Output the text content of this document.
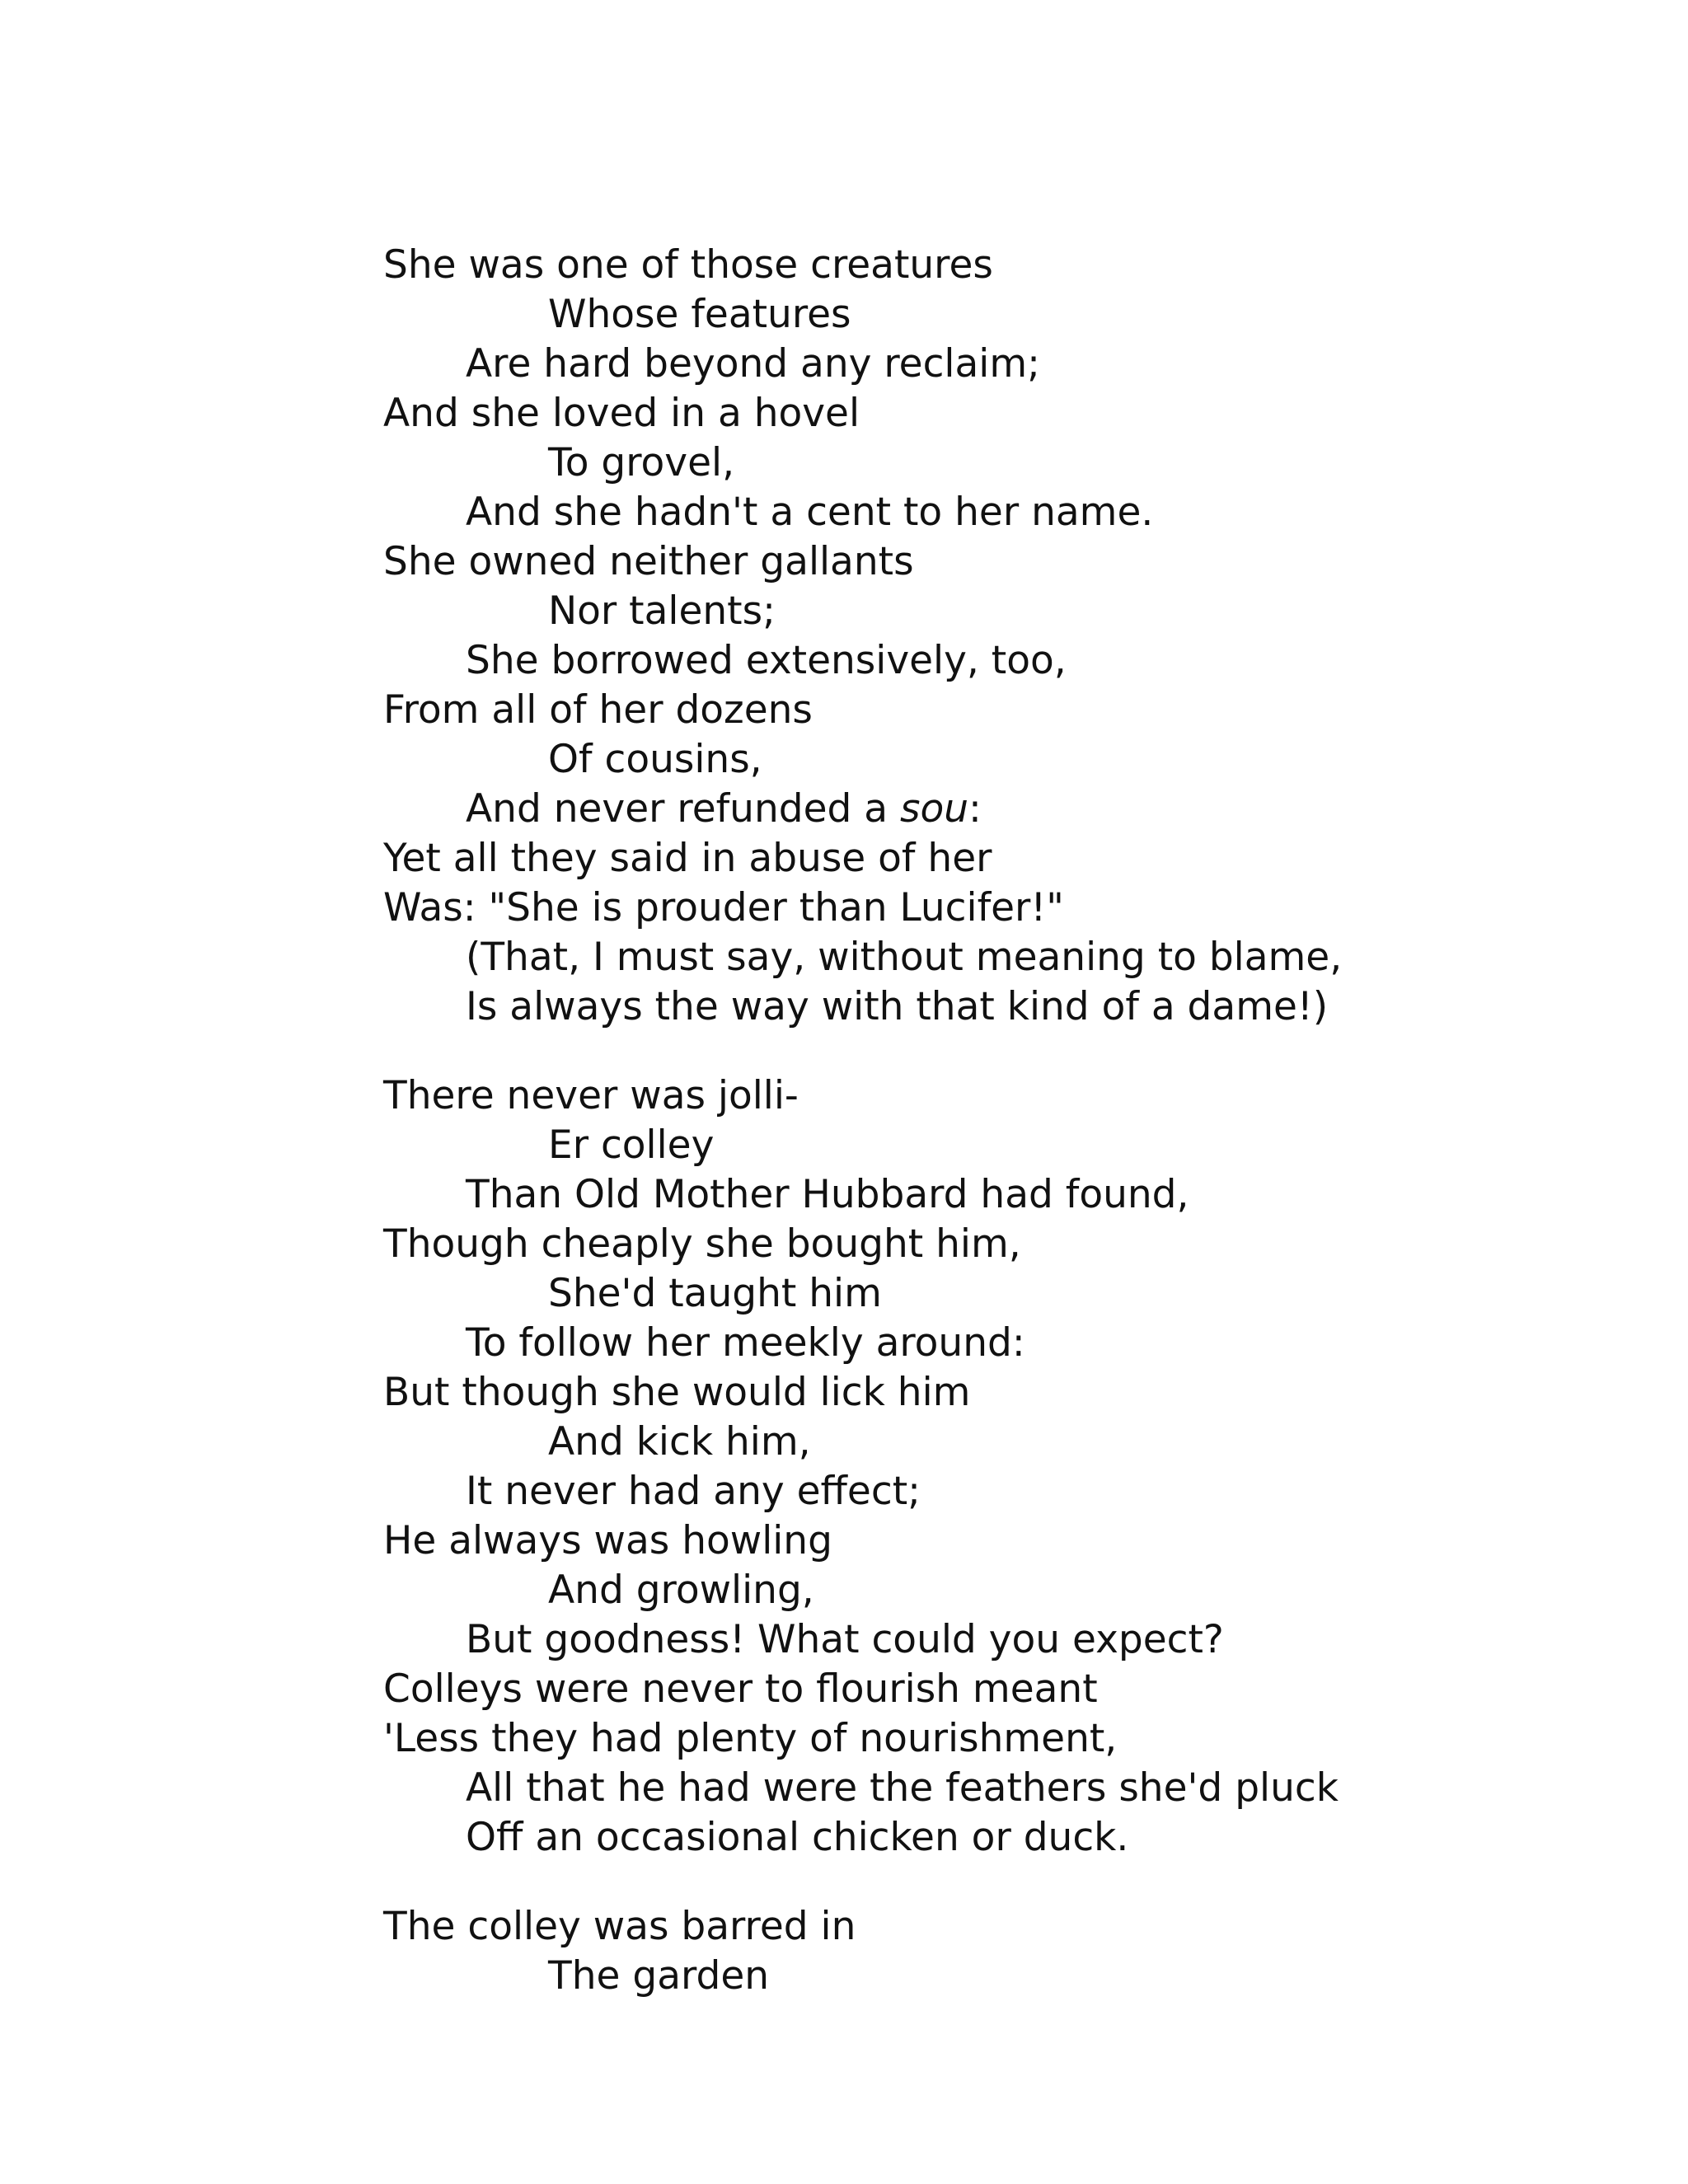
She was one of those creatures
Whose features
Are hard beyond any reclaim;
And she loved in a hovel
To grovel,
And she hadn't a cent to her name.
She owned neither gallants
Nor talents;
She borrowed extensively, too,
From all of her dozens
Of cousins,
And never refunded a sou:
Yet all they said in abuse of her
Was: "She is prouder than Lucifer!"
(That, I must say, without meaning to blame,
Is always the way with that kind of a dame!)
There never was jolli-
Er colley
Than Old Mother Hubbard had found,
Though cheaply she bought him,
She'd taught him
To follow her meekly around:
But though she would lick him
And kick him,
It never had any effect;
He always was howling
And growling,
But goodness! What could you expect?
Colleys were never to flourish meant
'Less they had plenty of nourishment,
All that he had were the feathers she'd pluck
Off an occasional chicken or duck.
The colley was barred in
The garden
